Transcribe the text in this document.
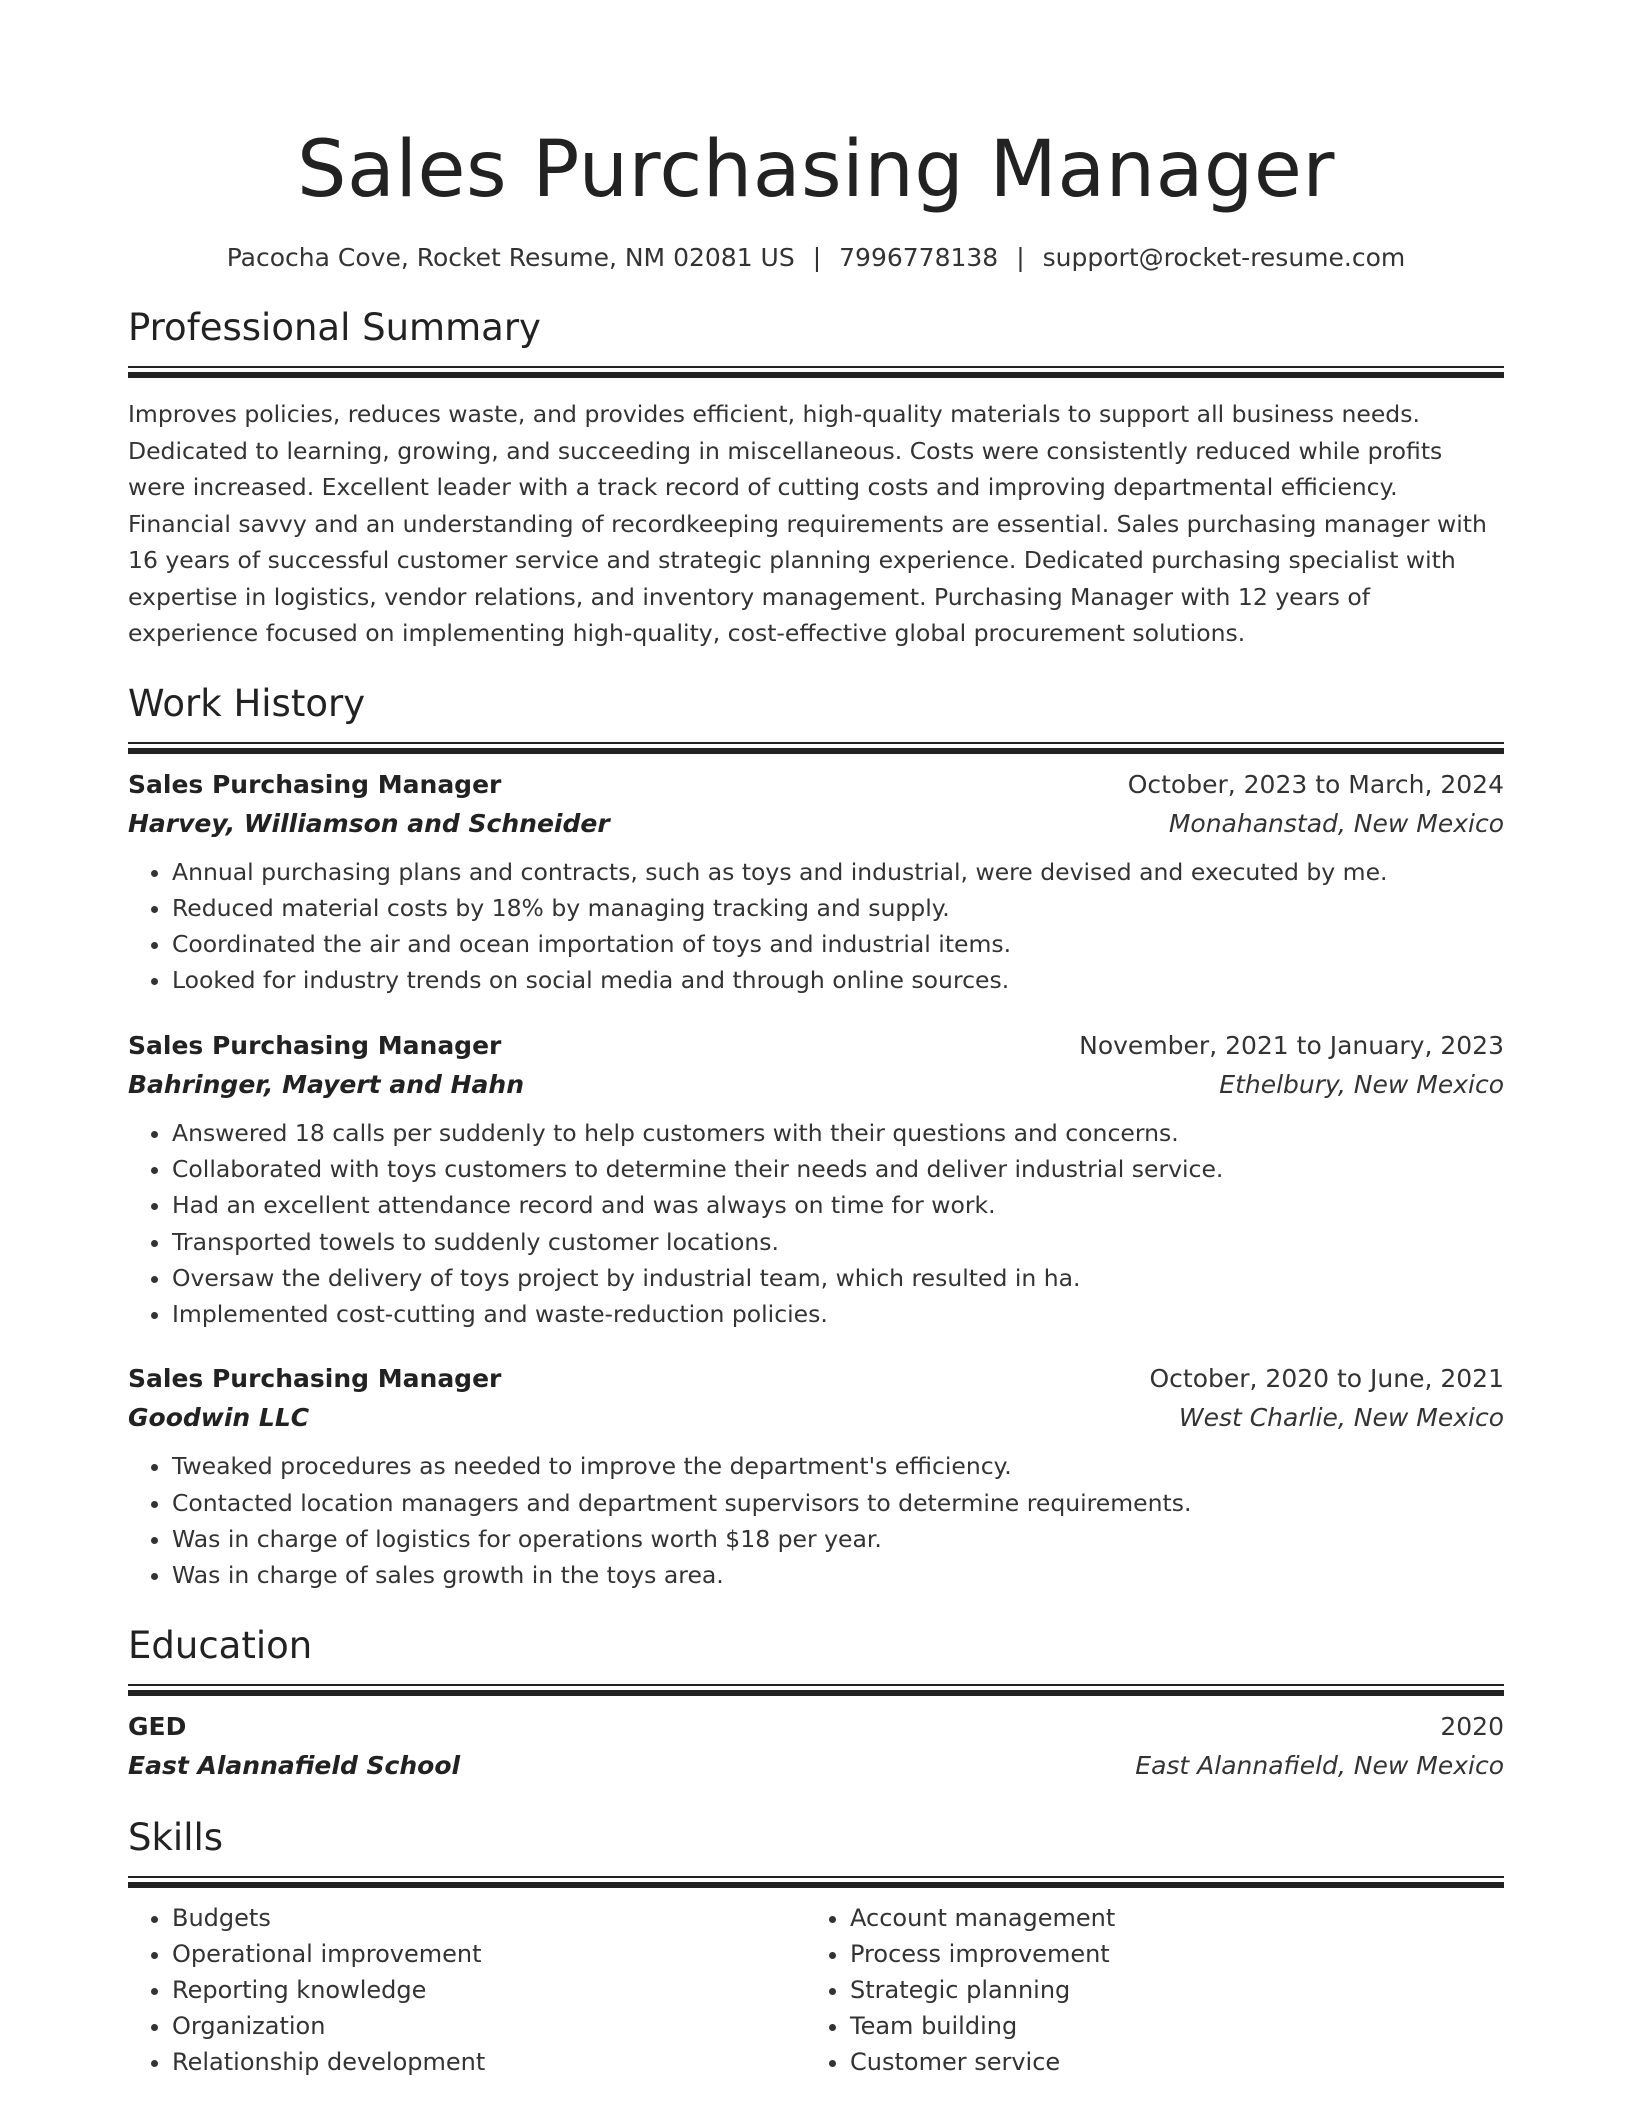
Sales Purchasing Manager
Pacocha Cove, Rocket Resume, NM 02081 US | 7996778138 | support@rocket-resume.com
Professional Summary

Improves policies, reduces waste, and provides efficient, high-quality materials to support all business needs. Dedicated to learning, growing, and succeeding in miscellaneous. Costs were consistently reduced while profits were increased. Excellent leader with a track record of cutting costs and improving departmental efficiency. Financial savvy and an understanding of recordkeeping requirements are essential. Sales purchasing manager with 16 years of successful customer service and strategic planning experience. Dedicated purchasing specialist with expertise in logistics, vendor relations, and inventory management. Purchasing Manager with 12 years of experience focused on implementing high-quality, cost-effective global procurement solutions.

Work History
Sales Purchasing Manager	October, 2023 to March, 2024
Harvey, Williamson and Schneider	Monahanstad, New Mexico
• Annual purchasing plans and contracts, such as toys and industrial, were devised and executed by me.
• Reduced material costs by 18% by managing tracking and supply.
• Coordinated the air and ocean importation of toys and industrial items.
• Looked for industry trends on social media and through online sources.
Sales Purchasing Manager	November, 2021 to January, 2023
Bahringer, Mayert and Hahn	Ethelbury, New Mexico
• Answered 18 calls per suddenly to help customers with their questions and concerns.
• Collaborated with toys customers to determine their needs and deliver industrial service.
• Had an excellent attendance record and was always on time for work.
• Transported towels to suddenly customer locations.
• Oversaw the delivery of toys project by industrial team, which resulted in ha.
• Implemented cost-cutting and waste-reduction policies.
Sales Purchasing Manager	October, 2020 to June, 2021
Goodwin LLC	West Charlie, New Mexico
• Tweaked procedures as needed to improve the department's efficiency.
• Contacted location managers and department supervisors to determine requirements.
• Was in charge of logistics for operations worth $18 per year.
• Was in charge of sales growth in the toys area.
Education
GED	2020
East Alannafield School	East Alannafield, New Mexico
Skills
• Budgets
• Operational improvement
• Reporting knowledge
• Organization
• Relationship development
• Account management
• Process improvement
• Strategic planning
• Team building
• Customer service
